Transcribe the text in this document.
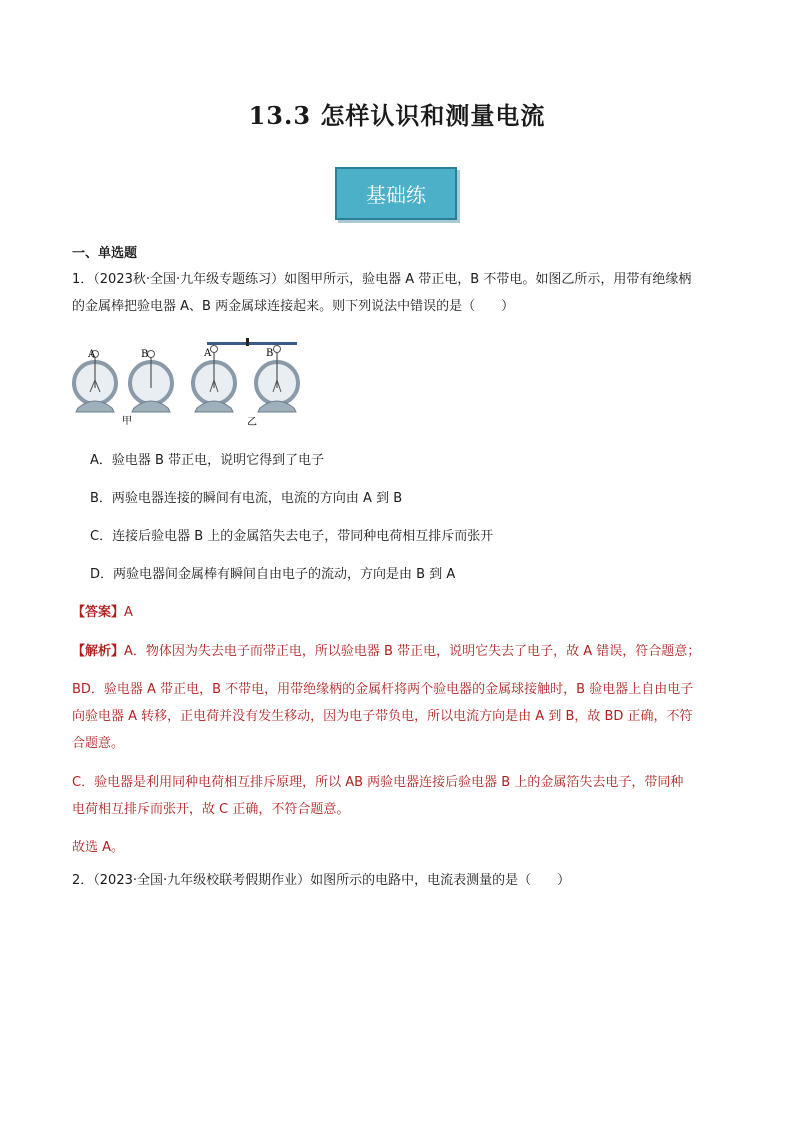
13.3 怎样认识和测量电流
基础练
一、单选题
1．（2023秋·全国·九年级专题练习）如图甲所示，验电器 A 带正电，B 不带电。如图乙所示，用带有绝缘柄
的金属棒把验电器 A、B 两金属球连接起来。则下列说法中错误的是（　　）
A	B	A	B
甲	乙
A．验电器 B 带正电，说明它得到了电子
B．两验电器连接的瞬间有电流，电流的方向由 A 到 B
C．连接后验电器 B 上的金属箔失去电子，带同种电荷相互排斥而张开
D．两验电器间金属棒有瞬间自由电子的流动，方向是由 B 到 A
【答案】A
【解析】A．物体因为失去电子而带正电，所以验电器 B 带正电，说明它失去了电子，故 A 错误，符合题意；
BD．验电器 A 带正电，B 不带电，用带绝缘柄的金属杆将两个验电器的金属球接触时，B 验电器上自由电子
向验电器 A 转移，正电荷并没有发生移动，因为电子带负电，所以电流方向是由 A 到 B，故 BD 正确，不符
合题意。
C．验电器是利用同种电荷相互排斥原理，所以 AB 两验电器连接后验电器 B 上的金属箔失去电子，带同种
电荷相互排斥而张开，故 C 正确，不符合题意。
故选 A。
2．（2023·全国·九年级校联考假期作业）如图所示的电路中，电流表测量的是（　　）
